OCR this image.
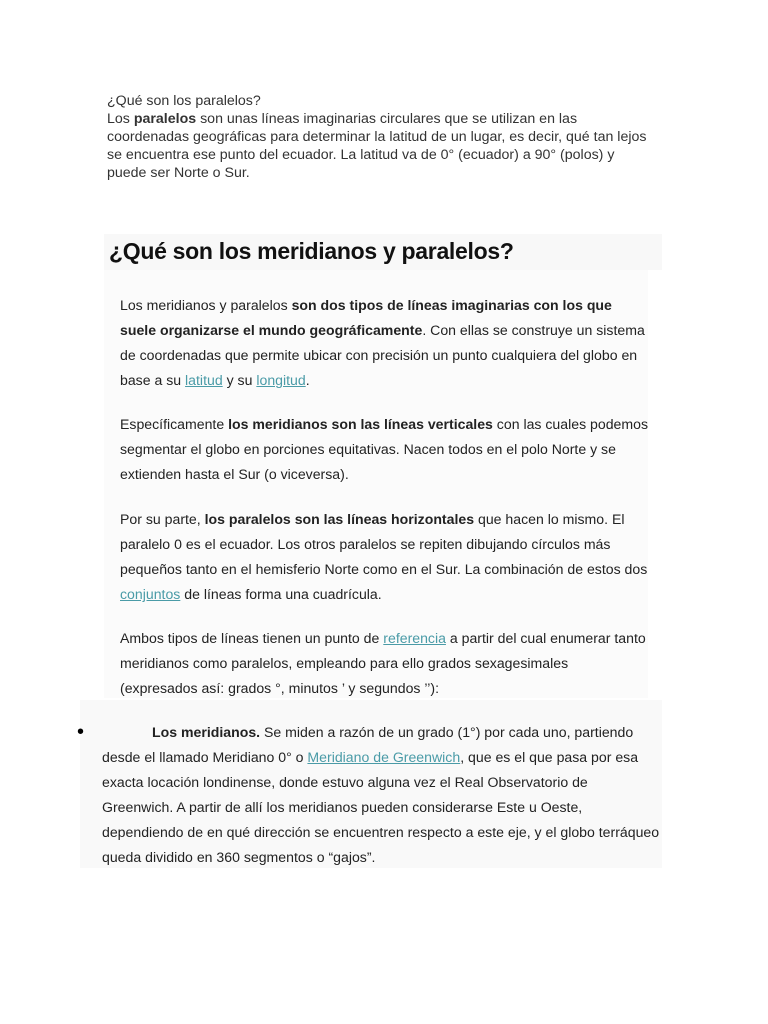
¿Qué son los paralelos?

Los paralelos son unas líneas imaginarias circulares que se utilizan en las coordenadas geográficas para determinar la latitud de un lugar, es decir, qué tan lejos se encuentra ese punto del ecuador. La latitud va de 0° (ecuador) a 90° (polos) y puede ser Norte o Sur.

¿Qué son los meridianos y paralelos?

Los meridianos y paralelos son dos tipos de líneas imaginarias con los que suele organizarse el mundo geográficamente. Con ellas se construye un sistema de coordenadas que permite ubicar con precisión un punto cualquiera del globo en base a su latitud y su longitud.

Específicamente los meridianos son las líneas verticales con las cuales podemos segmentar el globo en porciones equitativas. Nacen todos en el polo Norte y se extienden hasta el Sur (o viceversa).

Por su parte, los paralelos son las líneas horizontales que hacen lo mismo. El paralelo 0 es el ecuador. Los otros paralelos se repiten dibujando círculos más pequeños tanto en el hemisferio Norte como en el Sur. La combinación de estos dos conjuntos de líneas forma una cuadrícula.

Ambos tipos de líneas tienen un punto de referencia a partir del cual enumerar tanto meridianos como paralelos, empleando para ello grados sexagesimales (expresados así: grados °, minutos ’ y segundos ’’):

•	Los meridianos. Se miden a razón de un grado (1°) por cada uno, partiendo desde el llamado Meridiano 0° o Meridiano de Greenwich, que es el que pasa por esa exacta locación londinense, donde estuvo alguna vez el Real Observatorio de Greenwich. A partir de allí los meridianos pueden considerarse Este u Oeste, dependiendo de en qué dirección se encuentren respecto a este eje, y el globo terráqueo queda dividido en 360 segmentos o “gajos”.
